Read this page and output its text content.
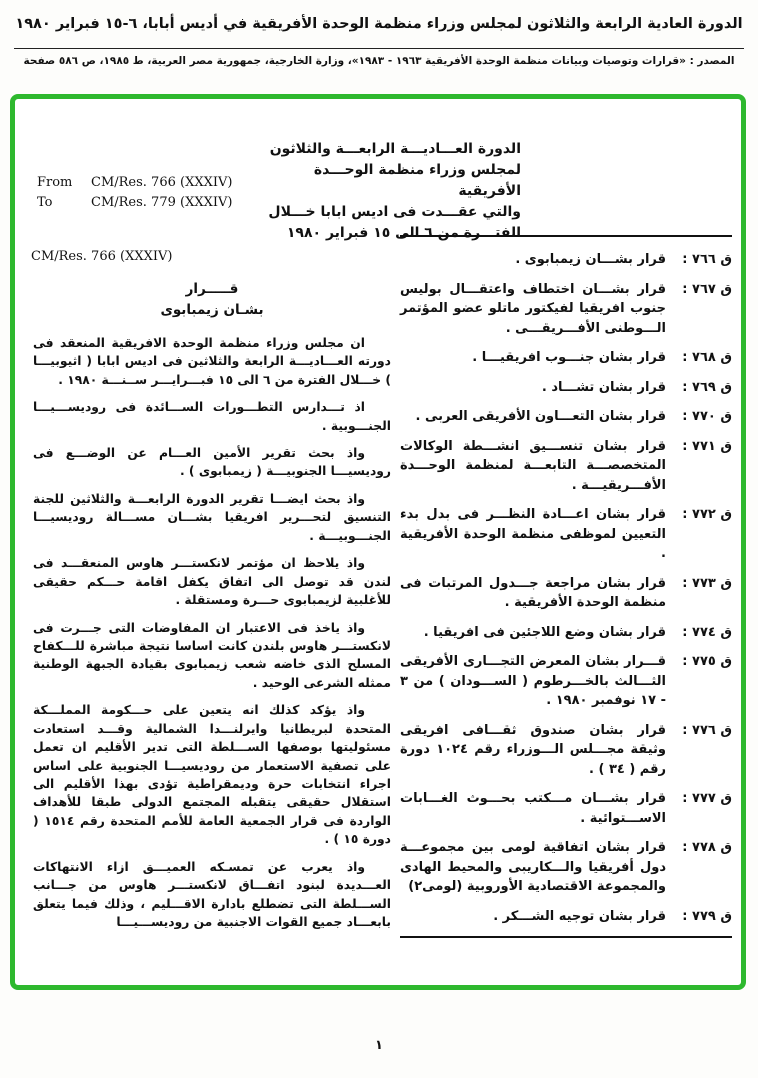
الدورة العادية الرابعة والثلاثون لمجلس وزراء منظمة الوحدة الأفريقية في أديس أبابا، ٦-١٥ فبراير ١٩٨٠
المصدر : «قرارات وتوصيات وبيانات منظمة الوحدة الأفريقية ١٩٦٣ - ١٩٨٣»، وزارة الخارجية، جمهورية مصر العربية، ط ١٩٨٥، ص ٥٨٦ صفحة
الدورة العـــاديـــة الرابعـــة والثلاثون
لمجلس وزراء منظمة الوحـــدة الأفريقية
والتي عقـــدت فى اديس ابابا خـــلال
الفتـــرة من ٦ الى ١٥ فبراير ١٩٨٠
From	CM/Res. 766 (XXXIV)
To	CM/Res. 779 (XXXIV)
CM/Res. 766 (XXXIV)
قـــــرار
بشـان زيمبابوى

ان مجلس وزراء منظمة الوحدة الافريقية المنعقد فى دورته العـــاديـــة الرابعة والثلاثين فى اديس ابابا ( اثيوبيـــا ) خـــلال الفترة من ٦ الى ١٥ فبـــرايـــر ســنـــة ١٩٨٠ .

اذ تـــدارس التطـــورات الســـائدة فى روديســـيـــا الجنـــوبية .

واذ بحث تقرير الأمين العـــام عن الوضـــع فى روديسيـــا الجنوبيـــة ( زيمبابوى ) .

واذ بحث ايضـــا تقرير الدورة الرابعـــة والثلاثين للجنة التنسيق لتحـــرير افريقيا بشـــان مســـالة روديسيـــا الجنـــوبيـــة .

واذ يلاحظ ان مؤتمر لانكستـــر هاوس المنعقـــد فى لندن قد توصل الى اتفاق يكفل اقامة حـــكم حقيقى للأغلبية لزيمبابوى حـــرة ومستقلة .

واذ ياخذ فى الاعتبار ان المفاوضات التى جـــرت فى لانكستـــر هاوس بلندن كانت اساسا نتيجة مباشرة للـــكفاح المسلح الذى خاضه شعب زيمبابوى بقيادة الجبهة الوطنية ممثله الشرعى الوحيد .

واذ يؤكد كذلك انه يتعين على حـــكومة المملـــكة المتحدة لبريطانيا وايرلنـــدا الشمالية وقـــد استعادت مسئوليتها بوصفها الســـلطة التى تدير الأقليم ان تعمل على تصفية الاستعمار من روديسيـــا الجنوبية على اساس اجراء انتخابات حرة وديمقراطية تؤدى بهذا الأقليم الى استقلال حقيقى يتقبله المجتمع الدولى طبقا للأهداف الواردة فى قرار الجمعية العامة للأمم المتحدة رقم ١٥١٤ ( دورة ١٥ ) .

واذ يعرب عن تمسـكه العميـــق ازاء الانتهاكات العـــديدة لبنود اتفـــاق لانكستـــر هاوس من جـــانب الســـلطة التى تضطلع بادارة الاقـــليم ، وذلك فيما يتعلق بابعـــاد جميع القوات الاجنبية من روديســـيـــا

ق ٧٦٦ :
قرار بشـــان زيمبابوى .
ق ٧٦٧ :
قرار بشـــان اختطاف واعتقـــال بوليس جنوب افريقيا لفيكتور ماتلو عضو المؤتمر الـــوطنى الأفـــريقـــى .
ق ٧٦٨ :
قرار بشان جنـــوب افريقيـــا .
ق ٧٦٩ :
قرار بشان تشـــاد .
ق ٧٧٠ :
قرار بشان التعـــاون الأفريقى العربى .
ق ٧٧١ :
قرار بشان تنســـيق انشـــطة الوكالات المتخصصـــة التابعـــة لمنظمة الوحـــدة الأفـــريقيـــة .
ق ٧٧٢ :
قرار بشان اعـــادة النظـــر فى بدل بدء التعيين لموظفى منظمة الوحدة الأفريقية .
ق ٧٧٣ :
قرار بشان مراجعة جـــدول المرتبات فى منظمة الوحدة الأفريقية .
ق ٧٧٤ :
قرار بشان وضع اللاجئين فى افريقيا .
ق ٧٧٥ :
قـــرار بشان المعرض التجـــارى الأفريقى الثـــالث بالخـــرطوم ( الســـودان ) من ٣ - ١٧ نوفمبر ١٩٨٠ .
ق ٧٧٦ :
قرار بشان صندوق ثقـــافى افريقى وثيقة مجـــلس الـــوزراء رقم ١٠٢٤ دورة رقم ( ٣٤ ) .
ق ٧٧٧ :
قرار بشـــان مـــكتب بحـــوث الغـــابات الاســـتوائية .
ق ٧٧٨ :
قرار بشان اتفاقية لومى بين مجموعـــة دول أفريقيا والـــكاريبى والمحيط الهادى والمجموعة الاقتصادية الأوروبية (لومى٢)
ق ٧٧٩ :
قرار بشان توجيه الشـــكر .
١
